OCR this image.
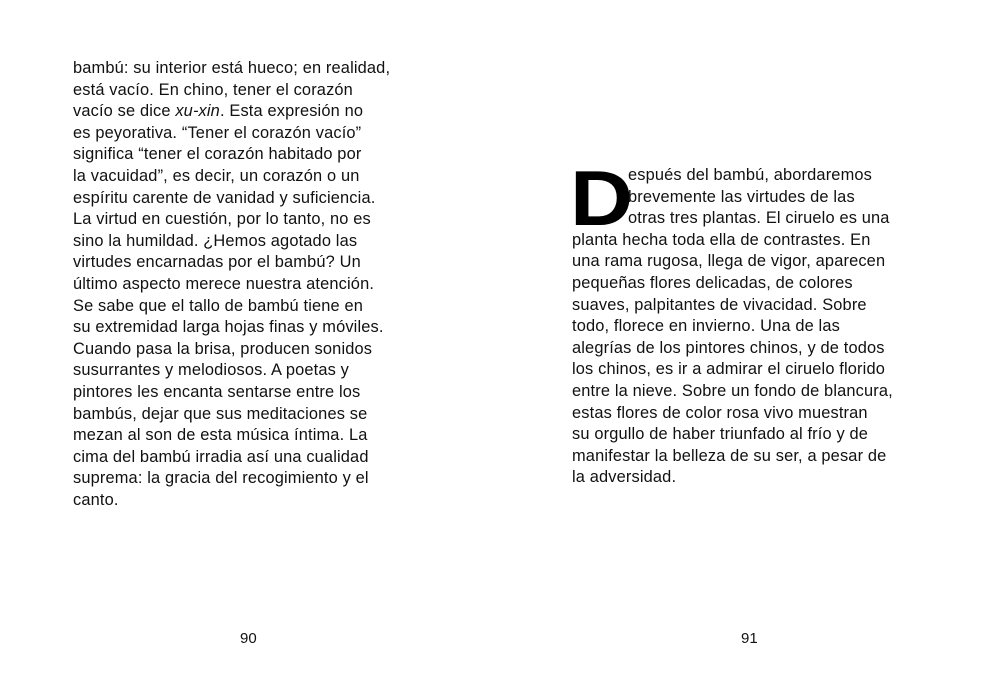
bambú: su interior está hueco; en realidad,
está vacío. En chino, tener el corazón
vacío se dice xu-xin. Esta expresión no
es peyorativa. “Tener el corazón vacío”
significa “tener el corazón habitado por
la vacuidad”, es decir, un corazón o un
espíritu carente de vanidad y suficiencia.
La virtud en cuestión, por lo tanto, no es
sino la humildad. ¿Hemos agotado las
virtudes encarnadas por el bambú? Un
último aspecto merece nuestra atención.
Se sabe que el tallo de bambú tiene en
su extremidad larga hojas finas y móviles.
Cuando pasa la brisa, producen sonidos
susurrantes y melodiosos. A poetas y
pintores les encanta sentarse entre los
bambús, dejar que sus meditaciones se
mezan al son de esta música íntima. La
cima del bambú irradia así una cualidad
suprema: la gracia del recogimiento y el
canto.
90
D
espués del bambú, abordaremos
brevemente las virtudes de las
otras tres plantas. El ciruelo es una
planta hecha toda ella de contrastes. En
una rama rugosa, llega de vigor, aparecen
pequeñas flores delicadas, de colores
suaves, palpitantes de vivacidad. Sobre
todo, florece en invierno. Una de las
alegrías de los pintores chinos, y de todos
los chinos, es ir a admirar el ciruelo florido
entre la nieve. Sobre un fondo de blancura,
estas flores de color rosa vivo muestran
su orgullo de haber triunfado al frío y de
manifestar la belleza de su ser, a pesar de
la adversidad.
91
